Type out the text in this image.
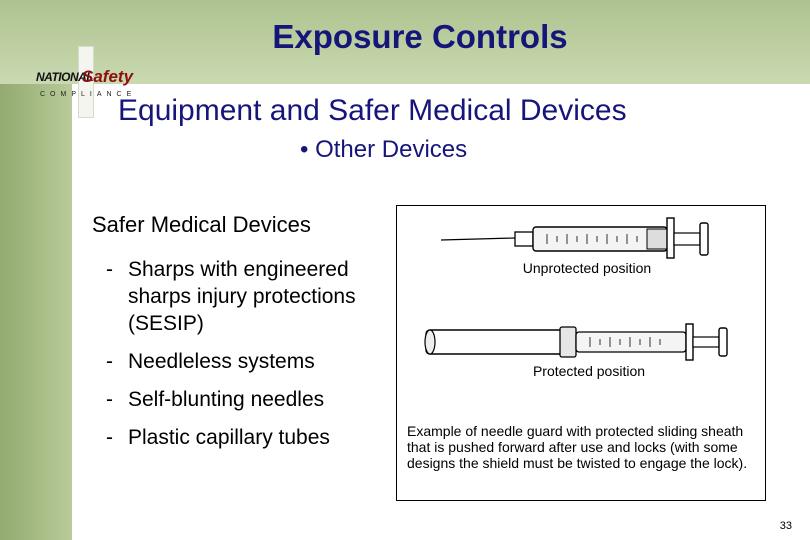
Exposure Controls
NATIONAL
Safety
COMPLIANCE
Equipment and Safer Medical Devices
• Other Devices
Safer Medical Devices
- Sharps with engineered sharps injury protections (SESIP)
- Needleless systems
- Self-blunting needles
- Plastic capillary tubes
Unprotected position
Protected position
Example of needle guard with protected sliding sheath that is pushed forward after use and locks (with some designs the shield must be twisted to engage the lock).
33
